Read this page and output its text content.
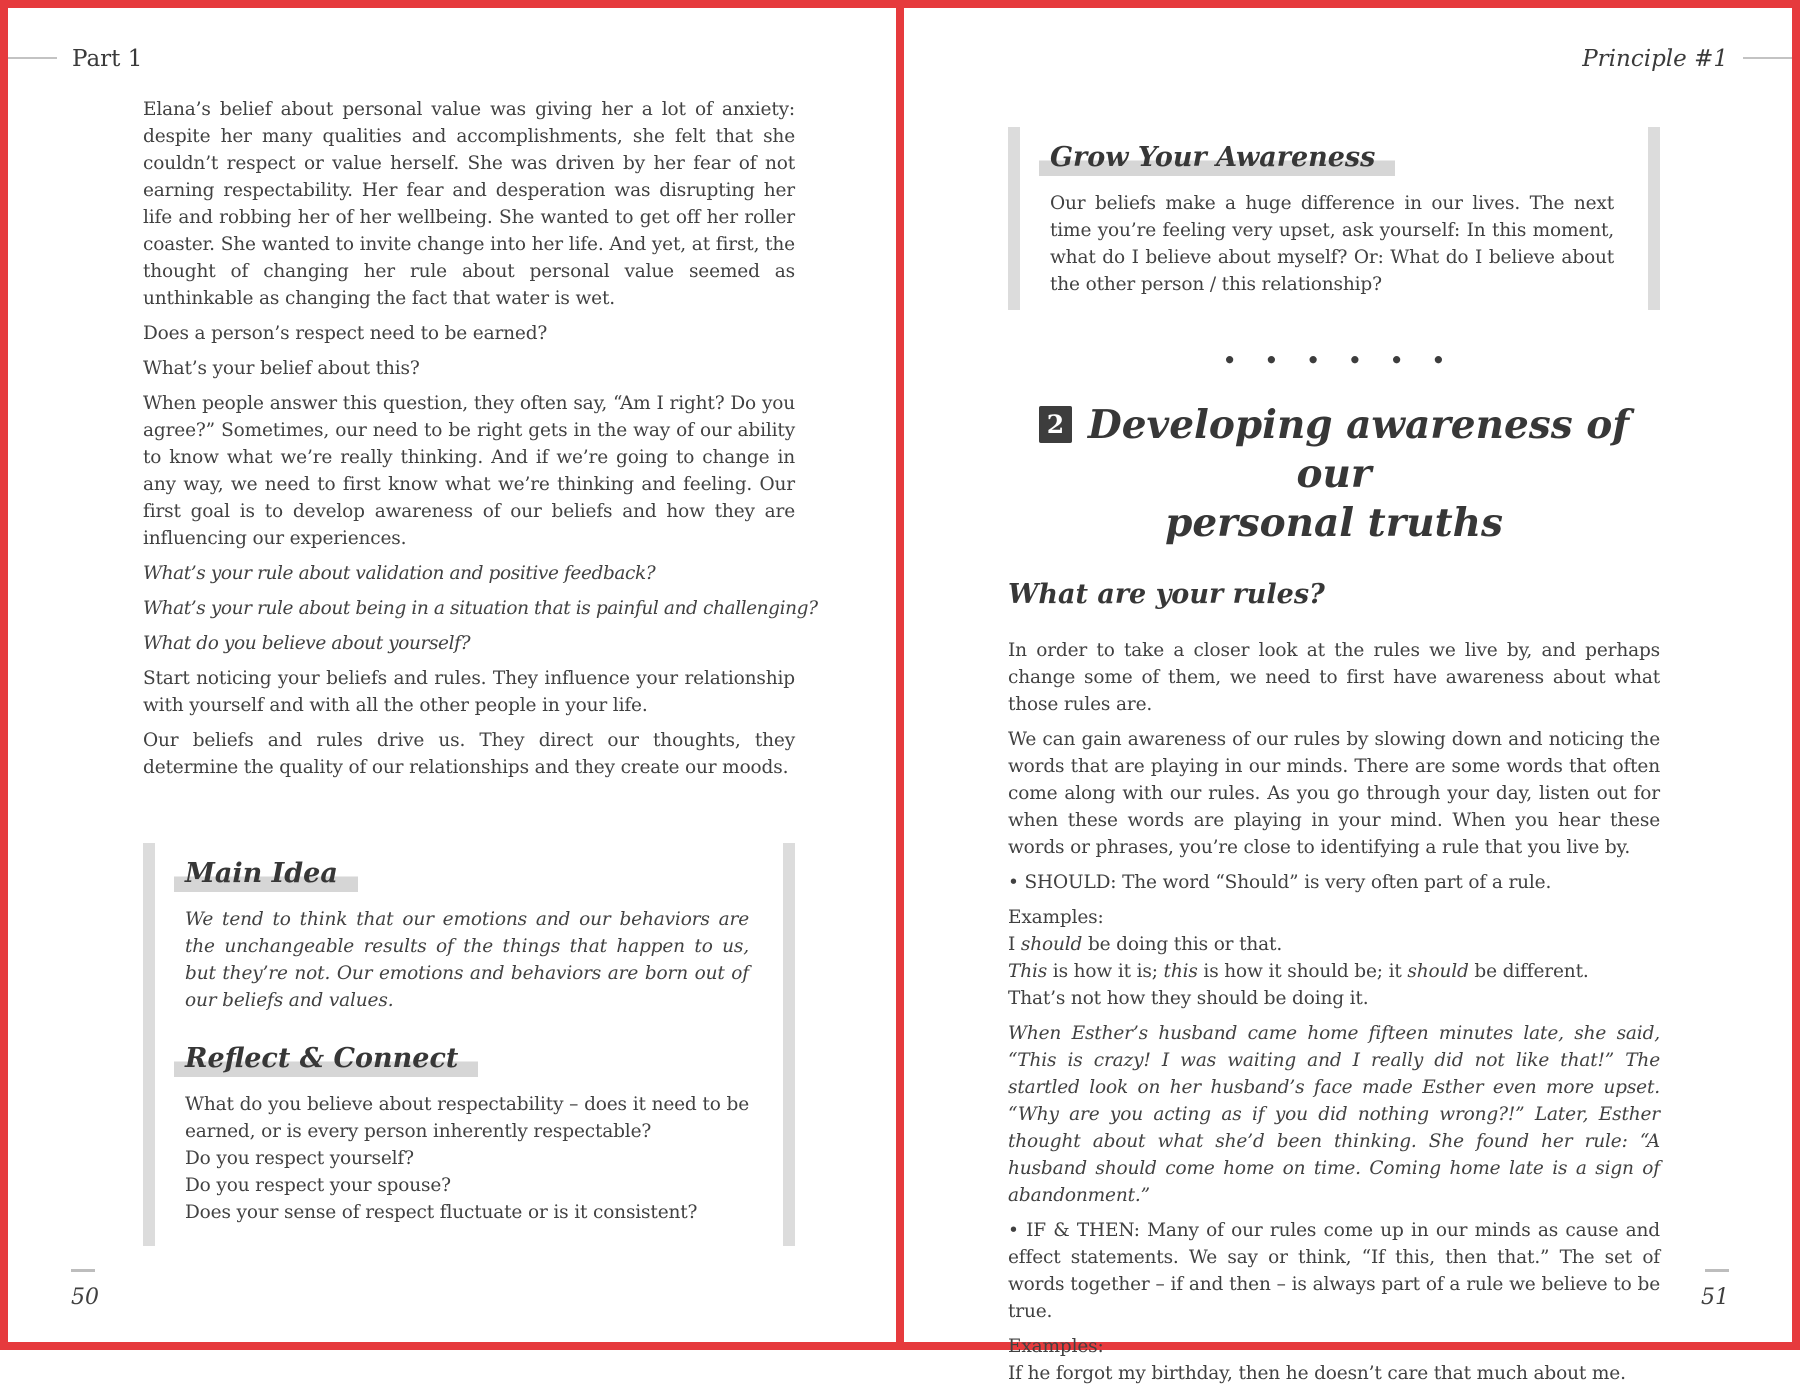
Part 1

Elana’s belief about personal value was giving her a lot of anxiety: despite her many qualities and accomplishments, she felt that she couldn’t respect or value herself. She was driven by her fear of not earning respectability. Her fear and desperation was disrupting her life and robbing her of her wellbeing. She wanted to get off her roller coaster. She wanted to invite change into her life. And yet, at first, the thought of changing her rule about personal value seemed as unthinkable as changing the fact that water is wet.

Does a person’s respect need to be earned?

What’s your belief about this?

When people answer this question, they often say, “Am I right? Do you agree?” Sometimes, our need to be right gets in the way of our ability to know what we’re really thinking. And if we’re going to change in any way, we need to first know what we’re thinking and feeling. Our first goal is to develop awareness of our beliefs and how they are influencing our experiences.

What’s your rule about validation and positive feedback?

What’s your rule about being in a situation that is painful and challenging?

What do you believe about yourself?

Start noticing your beliefs and rules. They influence your relationship with yourself and with all the other people in your life.

Our beliefs and rules drive us. They direct our thoughts, they determine the quality of our relationships and they create our moods.

Main Idea

We tend to think that our emotions and our behaviors are the unchangeable results of the things that happen to us, but they’re not. Our emotions and behaviors are born out of our beliefs and values.

Reflect & Connect

What do you believe about respectability – does it need to be earned, or is every person inherently respectable?

Do you respect yourself?
Do you respect your spouse?
Does your sense of respect fluctuate or is it consistent?
50
Principle #1
Grow Your Awareness

Our beliefs make a huge difference in our lives. The next time you’re feeling very upset, ask yourself: In this moment, what do I believe about myself? Or: What do I believe about the other person / this relationship?

••••••
2 Developing awareness of our
personal truths
What are your rules?

In order to take a closer look at the rules we live by, and perhaps change some of them, we need to first have awareness about what those rules are.

We can gain awareness of our rules by slowing down and noticing the words that are playing in our minds. There are some words that often come along with our rules. As you go through your day, listen out for when these words are playing in your mind. When you hear these words or phrases, you’re close to identifying a rule that you live by.

• SHOULD: The word “Should” is very often part of a rule.

Examples:
I should be doing this or that.
This is how it is; this is how it should be; it should be different.
That’s not how they should be doing it.

When Esther’s husband came home fifteen minutes late, she said, “This is crazy! I was waiting and I really did not like that!” The startled look on her husband’s face made Esther even more upset. “Why are you acting as if you did nothing wrong?!” Later, Esther thought about what she’d been thinking. She found her rule: “A husband should come home on time. Coming home late is a sign of abandonment.”

• IF & THEN: Many of our rules come up in our minds as cause and effect statements. We say or think, “If this, then that.” The set of words together – if and then – is always part of a rule we believe to be true.

Examples:
If he forgot my birthday, then he doesn’t care that much about me.
51
